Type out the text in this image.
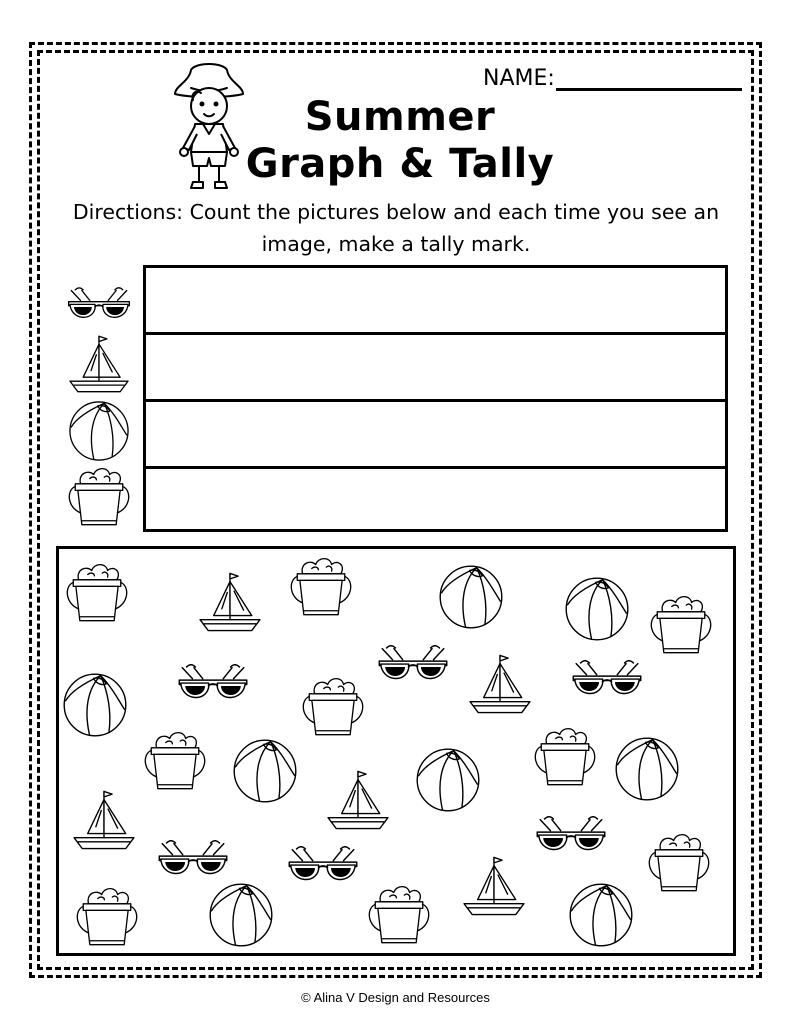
NAME:
Summer
Graph & Tally
Directions: Count the pictures below and each time you see an image, make a tally mark.
© Alina V Design and Resources
